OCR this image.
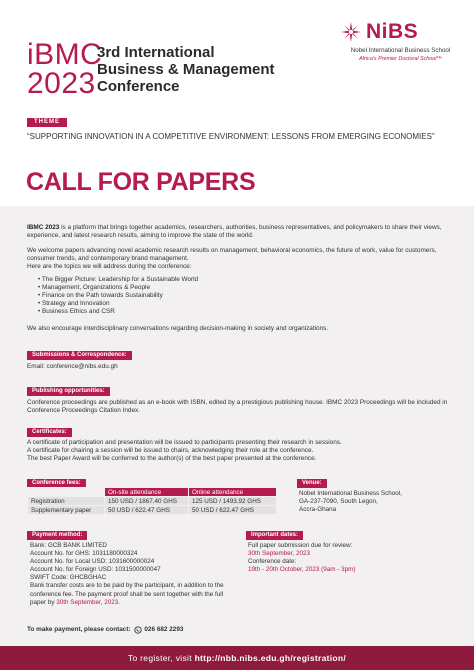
iBMC
2023
3rd International
Business & Management
Conference
NiBS
Nobel International Business School
Africa's Premier Doctoral School™
THEME
“SUPPORTING INNOVATION IN A COMPETITIVE ENVIRONMENT: LESSONS FROM EMERGING ECONOMIES”
CALL FOR PAPERS
IBMC 2023 is a platform that brings together academics, researchers, authorities, business representatives, and policymakers to share their views, experience, and latest research results, aiming to improve the state of the world.
We welcome papers advancing novel academic research results on management, behavioral economics, the future of work, value for customers, consumer trends, and contemporary brand management.
Here are the topics we will address during the conference:
• The Bigger Picture: Leadership for a Sustainable World
• Management, Organizations & People
• Finance on the Path towards Sustainability
• Strategy and Innovation
• Business Ethics and CSR
We also encourage interdisciplinary conversations regarding decision-making in society and organizations.
Submissions & Correspondence:
Email: conference@nibs.edu.gh
Publishing opportunities:
Conference proceedings are published as an e-book with ISBN, edited by a prestigious publishing house. IBMC 2023 Proceedings will be included in Conference Proceedings Citation Index.
Certificates:
A certificate of participation and presentation will be issued to participants presenting their research in sessions.
A certificate for chairing a session will be issued to chairs, acknowledging their role at the conference.
The best Paper Award will be conferred to the author(s) of the best paper presented at the conference.
Conference fees:
	On-site attendance	Online attendance
Registration	150 USD / 1867.40 GHS	125 USD / 1493.92 GHS
Supplementary paper	50 USD / 622.47 GHS	50 USD / 622.47 GHS
Venue:
Nobel International Business School,
GA-237-7090, South Legon,
Accra-Ghana
Payment method:
Bank: GCB BANK LIMITED
Account No. for GHS: 1031180000324
Account No. for Local USD: 1031600000024
Account No. for Foreign USD: 1031500000047
SWIFT Code: GHCBGHAC
Bank transfer costs are to be paid by the participant, in addition to the conference fee. The payment proof shall be sent together with the full paper by 30th September, 2023.
Important dates:
Full paper submission due for review:
30th September, 2023
Conference date:
19th - 20th October, 2023 (9am - 3pm)
To make payment, please contact: 026 682 2293
To register, visit http://nbb.nibs.edu.gh/registration/
